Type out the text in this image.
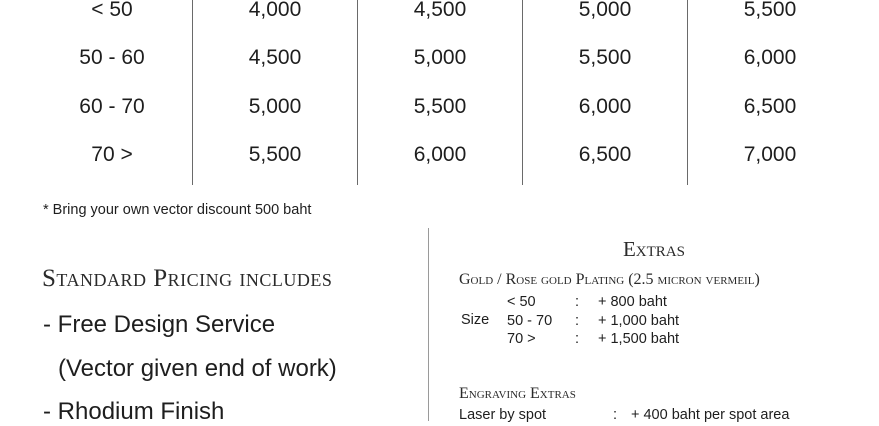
< 50	4,000	4,500	5,000	5,500
50 - 60	4,500	5,000	5,500	6,000
60 - 70	5,000	5,500	6,000	6,500
70 >	5,500	6,000	6,500	7,000
* Bring your own vector discount 500 baht
Standard Pricing includes
- Free Design Service
(Vector given end of work)
- Rhodium Finish
Extras
Gold / Rose gold Plating (2.5 micron vermeil)
Size
< 50	: + 800 baht
50 - 70 : + 1,000 baht
70 >	: + 1,500 baht
Engraving Extras
Laser by spot	: + 400 baht per spot area
